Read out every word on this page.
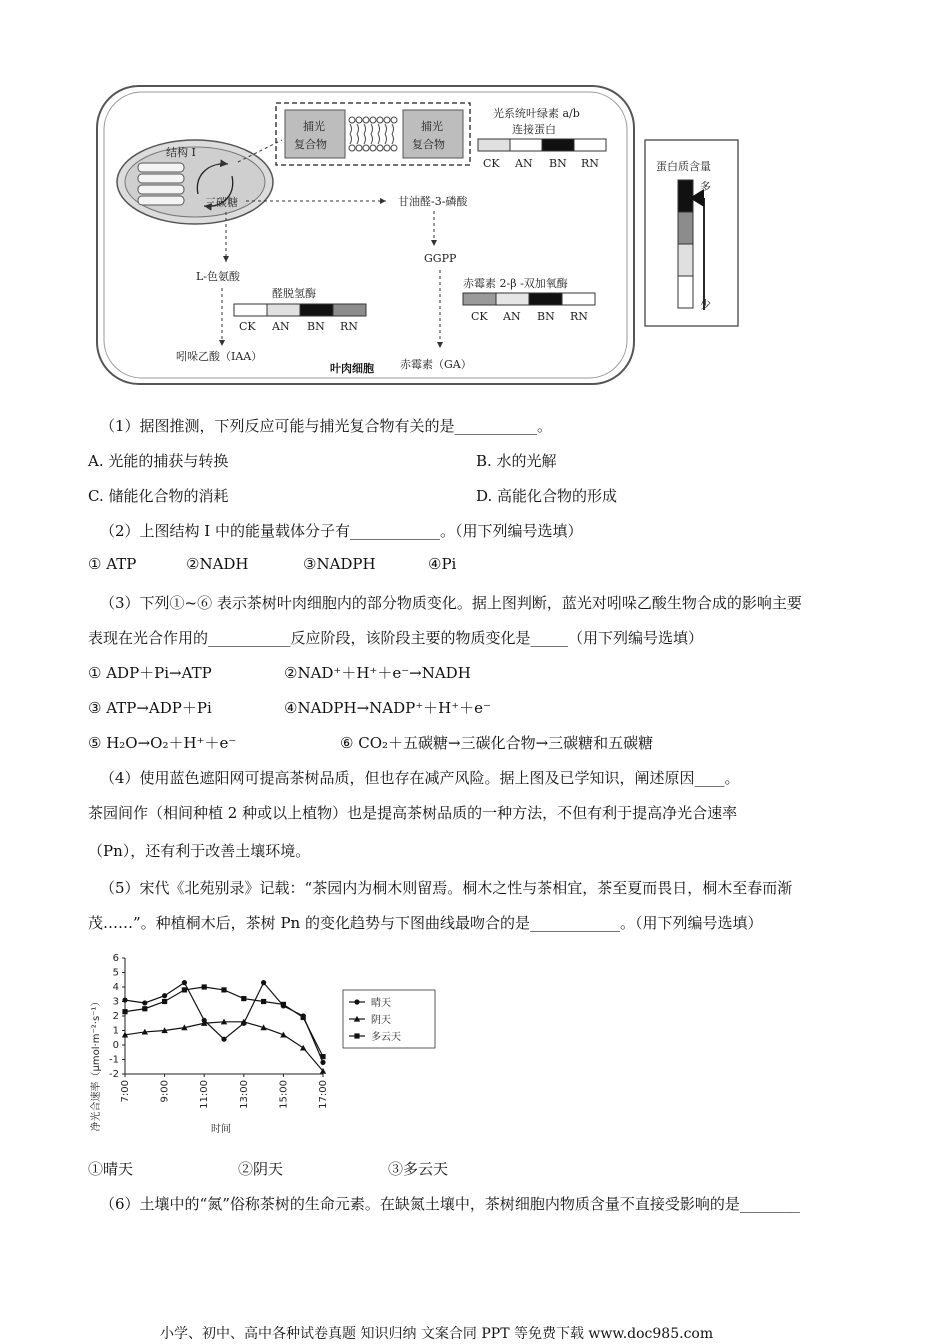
结构 I
三碳糖
捕光
复合物
捕光
复合物
光系统叶绿素 a/b
连接蛋白
CK AN BN RN
甘油醛-3-磷酸
GGPP
赤霉素 2-β -双加氧酶
CK AN BN RN
赤霉素（GA）
L-色氨酸
醛脱氢酶
CK AN BN RN
吲哚乙酸（IAA）
叶肉细胞
蛋白质含量
多
少
（1）据图推测，下列反应可能与捕光复合物有关的是___________。
A. 光能的捕获与转换	B. 水的光解
C. 储能化合物的消耗	D. 高能化合物的形成
（2）上图结构 I 中的能量载体分子有____________。（用下列编号选填）
① ATP	②NADH	③NADPH	④Pi
（3）下列①~⑥ 表示茶树叶肉细胞内的部分物质变化。据上图判断，蓝光对吲哚乙酸生物合成的影响主要
表现在光合作用的___________反应阶段，该阶段主要的物质变化是_____（用下列编号选填）
① ADP＋Pi→ATP	②NAD⁺＋H⁺＋e⁻→NADH
③ ATP→ADP＋Pi	④NADPH→NADP⁺＋H⁺＋e⁻
⑤ H₂O→O₂＋H⁺＋e⁻	⑥ CO₂＋五碳糖→三碳化合物→三碳糖和五碳糖
（4）使用蓝色遮阳网可提高茶树品质，但也存在减产风险。据上图及已学知识，阐述原因____。
茶园间作（相间种植 2 种或以上植物）也是提高茶树品质的一种方法，不但有利于提高净光合速率
（Pn），还有利于改善土壤环境。
（5）宋代《北苑别录》记载：“茶园内为桐木则留焉。桐木之性与茶相宜，茶至夏而畏日，桐木至春而渐
茂……”。种植桐木后，茶树 Pn 的变化趋势与下图曲线最吻合的是____________。（用下列编号选填）
-2
-1
0
1
2
3
4
5
6
7:00	9:00	11:00	13:00	15:00	17:00
晴天
阴天
多云天
净光合速率（μmol·m⁻²·s⁻¹）	时间
①晴天	②阴天	③多云天
（6）土壤中的“氮”俗称茶树的生命元素。在缺氮土壤中，茶树细胞内物质含量不直接受影响的是________
小学、初中、高中各种试卷真题 知识归纳 文案合同 PPT 等免费下载 www.doc985.com
